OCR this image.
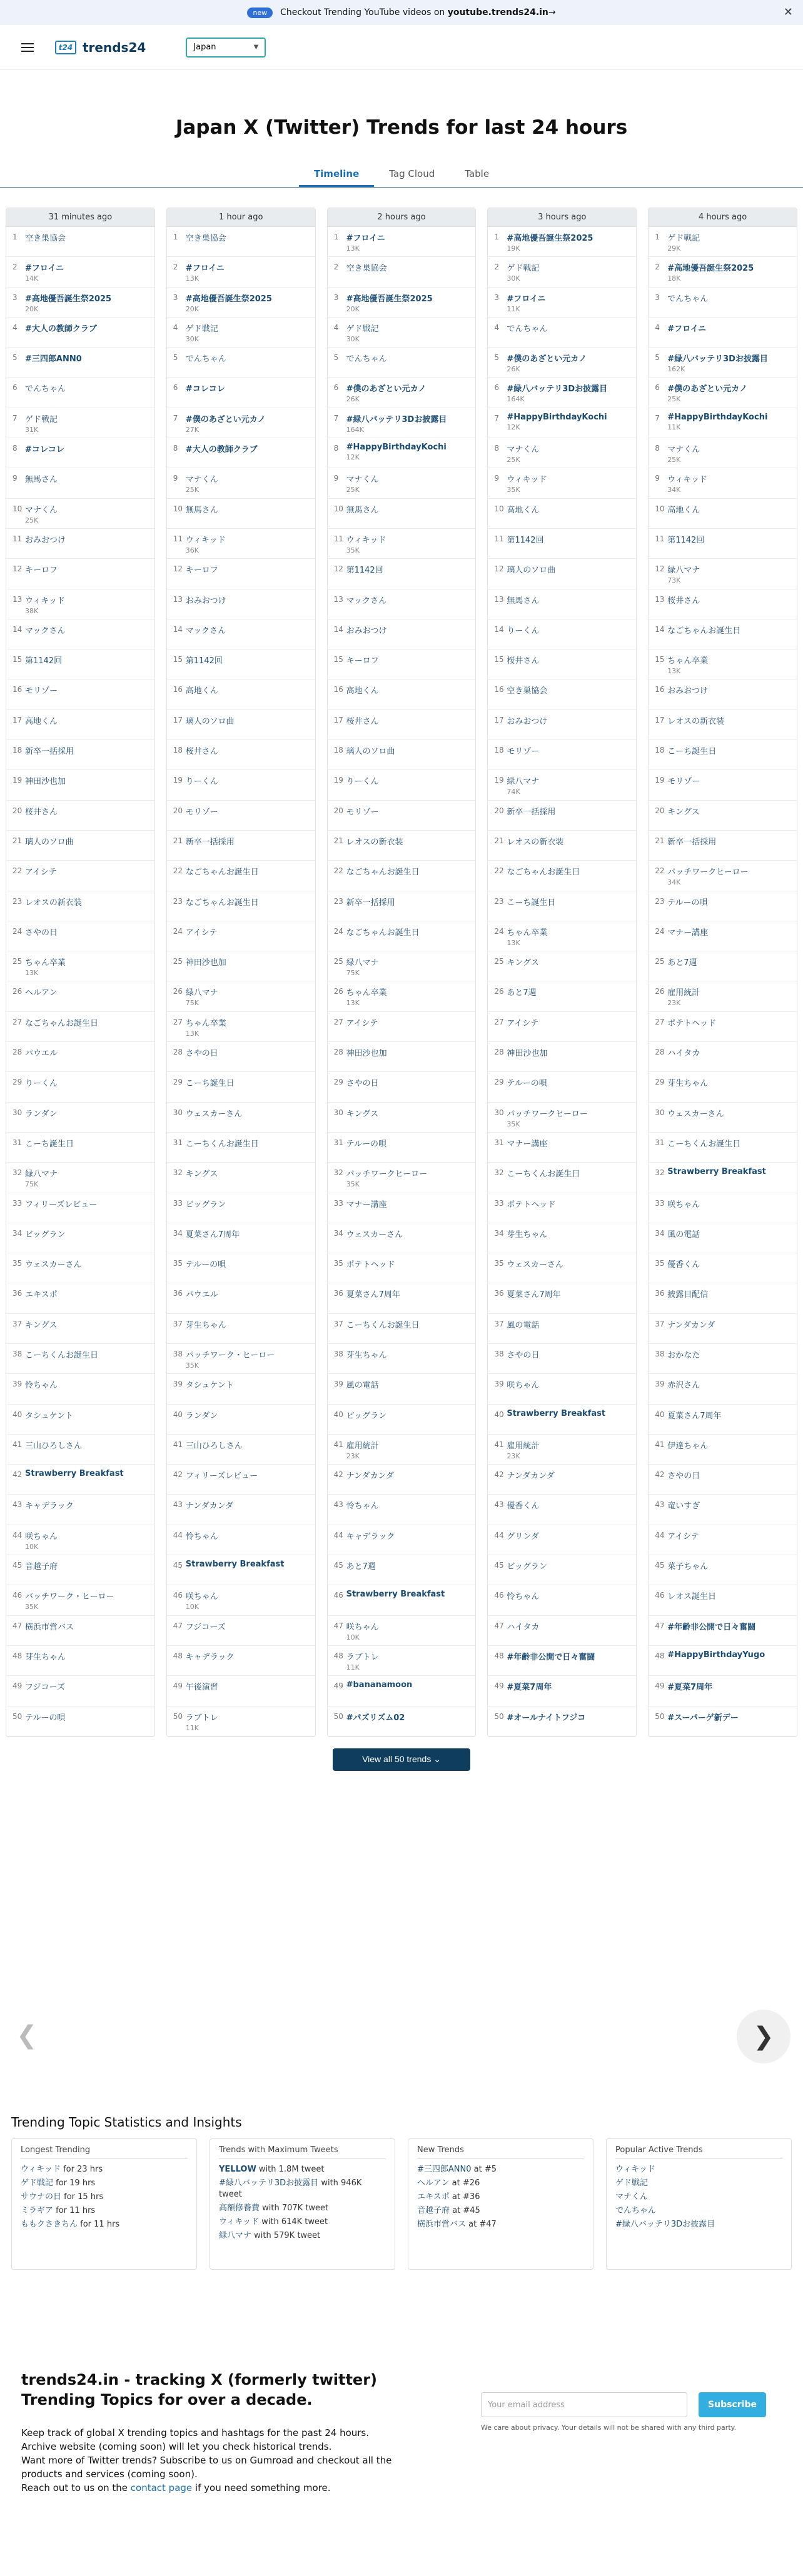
new	Checkout Trending YouTube videos on
youtube.trends24.in →	✕
t24 trends24	Japan	▼
Japan X (Twitter) Trends for last 24 hours
Timeline	Tag Cloud	Table
31 minutes ago
1 空き巣協会
2 #フロイニ
14K
3 #高地優吾誕生祭2025
20K
4 #大人の教師クラブ
5 #三四郎ANN0
6 でんちゃん
7 ゲド戦記
31K
8 #コレコレ
9 無馬さん
10 マナくん
25K
11 おみおつけ
12 キーロフ
13 ウィキッド
38K
14 マックさん
15 第1142回
16 モリゾー
17 高地くん
18 新卒一括採用
19 神田沙也加
20 桜井さん
21 璃人のソロ曲
22 アイシテ
23 レオスの新衣装
24 さやの日
25 ちゃん卒業
13K
26 ヘルアン
27 なごちゃんお誕生日
28 パウエル
29 りーくん
30 ランダン
31 こーち誕生日
32 緑八マナ
75K
33 フィリーズレビュー
34 ビッグラン
35 ウェスカーさん
36 エキスポ
37 キングス
38 こーちくんお誕生日
39 怜ちゃん
40 タシュケント
41 三山ひろしさん
42 Strawberry Breakfast
43 キャデラック
44 咲ちゃん
10K
45 音越子府
46 バッチワーク・ヒーロー
35K
47 横浜市営バス
48 芽生ちゃん
49 フジコーズ
50 テルーの唄
1 hour ago
1 空き巣協会
2 #フロイニ
13K
3 #高地優吾誕生祭2025
20K
4 ゲド戦記
30K
5 でんちゃん
6 #コレコレ
7 #僕のあざとい元カノ
27K
8 #大人の教師クラブ
9 マナくん
25K
10 無馬さん
11 ウィキッド
36K
12 キーロフ
13 おみおつけ
14 マックさん
15 第1142回
16 高地くん
17 璃人のソロ曲
18 桜井さん
19 りーくん
20 モリゾー
21 新卒一括採用
22 なごちゃんお誕生日
23 なごちゃんお誕生日
24 アイシテ
25 神田沙也加
26 緑八マナ
75K
27 ちゃん卒業
13K
28 さやの日
29 こーち誕生日
30 ウェスカーさん
31 こーちくんお誕生日
32 キングス
33 ビッグラン
34 夏菜さん7周年
35 テルーの唄
36 パウエル
37 芽生ちゃん
38 パッチワーク・ヒーロー
35K
39 タシュケント
40 ランダン
41 三山ひろしさん
42 フィリーズレビュー
43 ナンダカンダ
44 怜ちゃん
45 Strawberry Breakfast
46 咲ちゃん
10K
47 フジコーズ
48 キャデラック
49 午後演習
50 ラブトレ
11K
2 hours ago
1 #フロイニ
13K
2 空き巣協会
3 #高地優吾誕生祭2025
20K
4 ゲド戦記
30K
5 でんちゃん
6 #僕のあざとい元カノ
26K
7 #緑八バッテリ3Dお披露目
164K
8 #HappyBirthdayKochi
12K
9 マナくん
25K
10 無馬さん
11 ウィキッド
35K
12 第1142回
13 マックさん
14 おみおつけ
15 キーロフ
16 高地くん
17 桜井さん
18 璃人のソロ曲
19 りーくん
20 モリゾー
21 レオスの新衣装
22 なごちゃんお誕生日
23 新卒一括採用
24 なごちゃんお誕生日
25 緑八マナ
75K
26 ちゃん卒業
13K
27 アイシテ
28 神田沙也加
29 さやの日
30 キングス
31 テルーの唄
32 パッチワークヒーロー
35K
33 マナー講座
34 ウェスカーさん
35 ポテトヘッド
36 夏菜さん7周年
37 こーちくんお誕生日
38 芽生ちゃん
39 風の電話
40 ビッグラン
41 雇用統計
23K
42 ナンダカンダ
43 怜ちゃん
44 キャデラック
45 あと7週
46 Strawberry Breakfast
47 咲ちゃん
10K
48 ラブトレ
11K
49 #bananamoon
50 #パズリズム02
3 hours ago
1 #高地優吾誕生祭2025
19K
2 ゲド戦記
30K
3 #フロイニ
11K
4 でんちゃん
5 #僕のあざとい元カノ
26K
6 #緑八バッテリ3Dお披露目
164K
7 #HappyBirthdayKochi
12K
8 マナくん
25K
9 ウィキッド
35K
10 高地くん
11 第1142回
12 璃人のソロ曲
13 無馬さん
14 りーくん
15 桜井さん
16 空き巣協会
17 おみおつけ
18 モリゾー
19 緑八マナ
74K
20 新卒一括採用
21 レオスの新衣装
22 なごちゃんお誕生日
23 こーち誕生日
24 ちゃん卒業
13K
25 キングス
26 あと7週
27 アイシテ
28 神田沙也加
29 テルーの唄
30 パッチワークヒーロー
35K
31 マナー講座
32 こーちくんお誕生日
33 ポテトヘッド
34 芽生ちゃん
35 ウェスカーさん
36 夏菜さん7周年
37 風の電話
38 さやの日
39 咲ちゃん
40 Strawberry Breakfast
41 雇用統計
23K
42 ナンダカンダ
43 優香くん
44 グリンダ
45 ビッグラン
46 怜ちゃん
47 ハイタカ
48 #年齢非公開で日々奮闘
49 #夏菜7周年
50 #オールナイトフジコ
4 hours ago
1 ゲド戦記
29K
2 #高地優吾誕生祭2025
18K
3 でんちゃん
4 #フロイニ
5 #緑八バッテリ3Dお披露目
162K
6 #僕のあざとい元カノ
25K
7 #HappyBirthdayKochi
11K
8 マナくん
25K
9 ウィキッド
34K
10 高地くん
11 第1142回
12 緑八マナ
73K
13 桜井さん
14 なごちゃんお誕生日
15 ちゃん卒業
13K
16 おみおつけ
17 レオスの新衣装
18 こーち誕生日
19 モリゾー
20 キングス
21 新卒一括採用
22 パッチワークヒーロー
34K
23 テルーの唄
24 マナー講座
25 あと7週
26 雇用統計
23K
27 ポテトヘッド
28 ハイタカ
29 芽生ちゃん
30 ウェスカーさん
31 こーちくんお誕生日
32 Strawberry Breakfast
33 咲ちゃん
34 風の電話
35 優香くん
36 披露目配信
37 ナンダカンダ
38 おかなた
39 赤沢さん
40 夏菜さん7周年
41 伊達ちゃん
42 さやの日
43 竜いすぎ
44 アイシテ
45 菜子ちゃん
46 レオス誕生日
47 #年齢非公開で日々奮闘
48 #HappyBirthdayYugo
49 #夏菜7周年
50 #スーパーゲ新デー
View all 50 trends ⌄
❮	❯
Trending Topic Statistics and Insights
Longest Trending

ウィキッド for 23 hrs

ゲド戦記 for 19 hrs

サウナの日 for 15 hrs

ミラギア for 11 hrs

ももクさきちん for 11 hrs

Trends with Maximum Tweets

YELLOW with 1.8M tweet

#緑八バッテリ3Dお披露目 with 946K tweet

高額修養費 with 707K tweet

ウィキッド with 614K tweet

緑八マナ with 579K tweet

New Trends

#三四郎ANN0 at #5

ヘルアン at #26

エキスポ at #36

音越子府 at #45

横浜市営バス at #47

Popular Active Trends

ウィキッド

ゲド戦記

マナくん

でんちゃん

#緑八バッテリ3Dお披露目

trends24.in - tracking X (formerly twitter) Trending Topics for over a decade.

Keep track of global X trending topics and hashtags for the past 24 hours.

Archive website (coming soon) will let you check historical trends.

Want more of Twitter trends? Subscribe to us on Gumroad and checkout all the products and services (coming soon).

Reach out to us on the contact page if you need something more.

Your email address	Subscribe
We care about privacy. Your details will not be shared with any third party.
